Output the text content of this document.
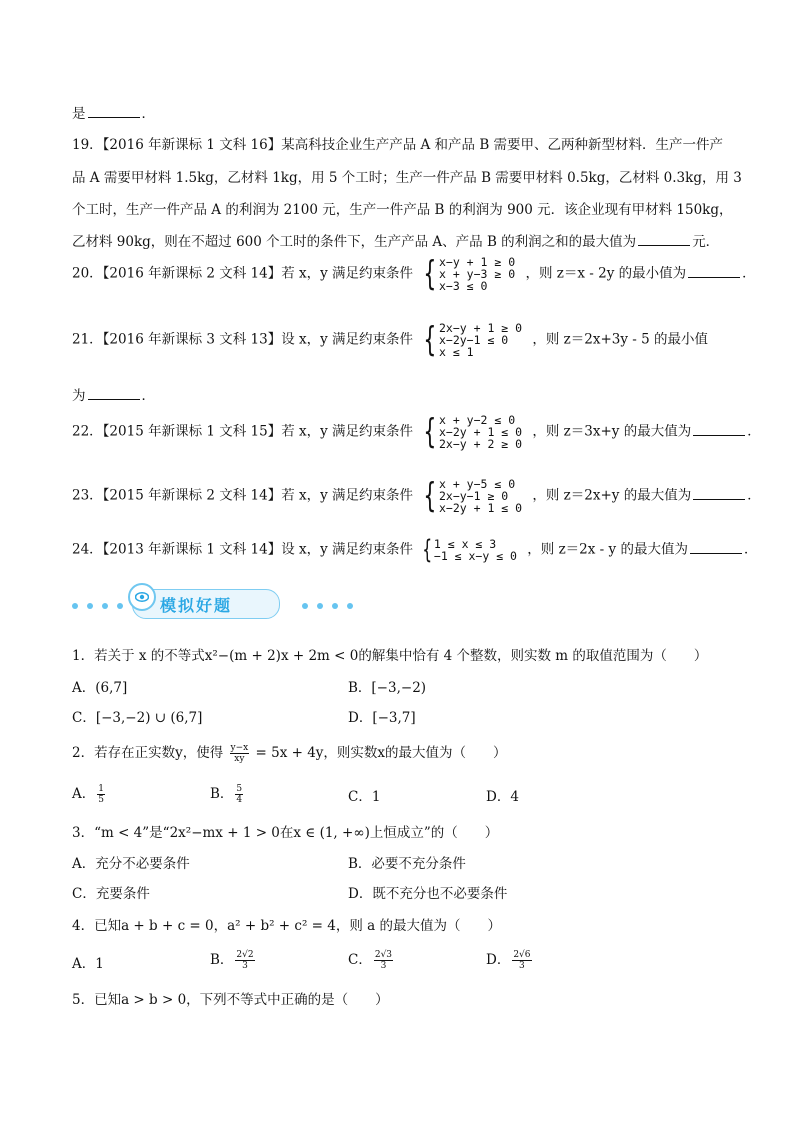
是	．
19．【2016 年新课标 1 文科 16】某高科技企业生产产品 A 和产品 B 需要甲、乙两种新型材料．生产一件产
品 A 需要甲材料 1.5kg，乙材料 1kg，用 5 个工时；生产一件产品 B 需要甲材料 0.5kg，乙材料 0.3kg，用 3
个工时，生产一件产品 A 的利润为 2100 元，生产一件产品 B 的利润为 900 元．该企业现有甲材料 150kg，
乙材料 90kg，则在不超过 600 个工时的条件下，生产产品 A、产品 B 的利润之和的最大值为	元．
20．【2016 年新课标 2 文科 14】若 x，y 满足约束条件 { x−y + 1 ≥ 0
x + y−3 ≥ 0
x−3 ≤ 0
，则 z＝x - 2y 的最小值为	．
21．【2016 年新课标 3 文科 13】设 x，y 满足约束条件 { 2x−y + 1 ≥ 0
x−2y−1 ≤ 0
x ≤ 1
，则 z＝2x+3y - 5 的最小值
为	．
22．【2015 年新课标 1 文科 15】若 x，y 满足约束条件 { x + y−2 ≤ 0
x−2y + 1 ≤ 0
2x−y + 2 ≥ 0
，则 z＝3x+y 的最大值为	．
23．【2015 年新课标 2 文科 14】若 x，y 满足约束条件 { x + y−5 ≤ 0
2x−y−1 ≥ 0
x−2y + 1 ≤ 0
，则 z＝2x+y 的最大值为	．
24．【2013 年新课标 1 文科 14】设 x，y 满足约束条件 { 1 ≤ x ≤ 3
−1 ≤ x−y ≤ 0 ，则 z＝2x - y 的最大值为	．
模拟好题
1．若关于 x 的不等式x²−(m + 2)x + 2m < 0的解集中恰有 4 个整数，则实数 m 的取值范围为（　　）
A．(6,7]	B．[−3,−2)
C．[−3,−2) ∪ (6,7]	D．[−3,7]
2．若存在正实数y，使得 $\frac{y-x}{xy} = 5x + 4y$，则实数x的最大值为（　　）
A． $\frac{1}{5}$	B． $\frac{5}{4}$	C．1	D．4
3．“m < 4”是“2x²−mx + 1 > 0在x ∈ (1, +∞)上恒成立”的（　　）
A．充分不必要条件	B．必要不充分条件
C．充要条件	D．既不充分也不必要条件
4．已知a + b + c = 0，a² + b² + c² = 4，则 a 的最大值为（　　）
A．1	B． $\frac{2√2}{3}$	C． $\frac{2√3}{3}$	D． $\frac{2√6}{3}$
5．已知a > b > 0，下列不等式中正确的是（　　）
